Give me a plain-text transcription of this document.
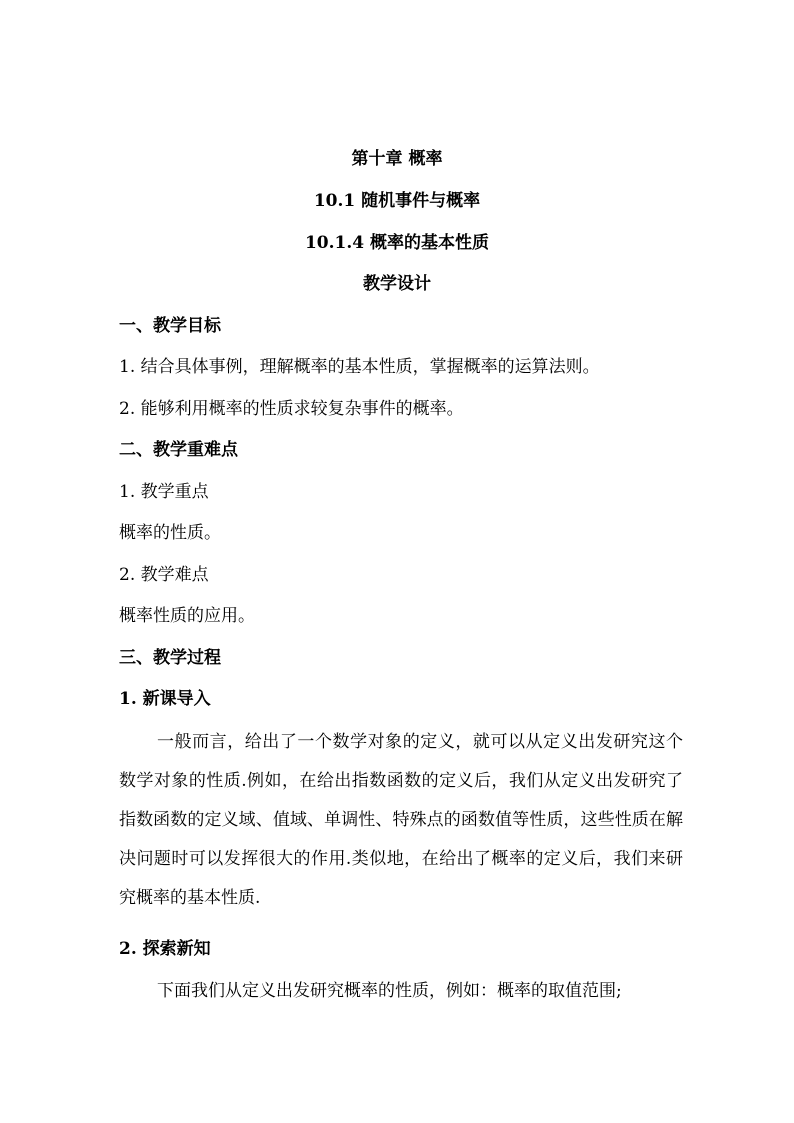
第十章 概率
10.1 随机事件与概率
10.1.4 概率的基本性质
教学设计
一、教学目标
1. 结合具体事例，理解概率的基本性质，掌握概率的运算法则。
2. 能够利用概率的性质求较复杂事件的概率。
二、教学重难点
1. 教学重点
概率的性质。
2. 教学难点
概率性质的应用。
三、教学过程
1. 新课导入
一般而言，给出了一个数学对象的定义，就可以从定义出发研究这个数学对象的性质.例如，在给出指数函数的定义后，我们从定义出发研究了指数函数的定义域、值域、单调性、特殊点的函数值等性质，这些性质在解决问题时可以发挥很大的作用.类似地，在给出了概率的定义后，我们来研究概率的基本性质.
2. 探索新知
下面我们从定义出发研究概率的性质，例如：概率的取值范围;
